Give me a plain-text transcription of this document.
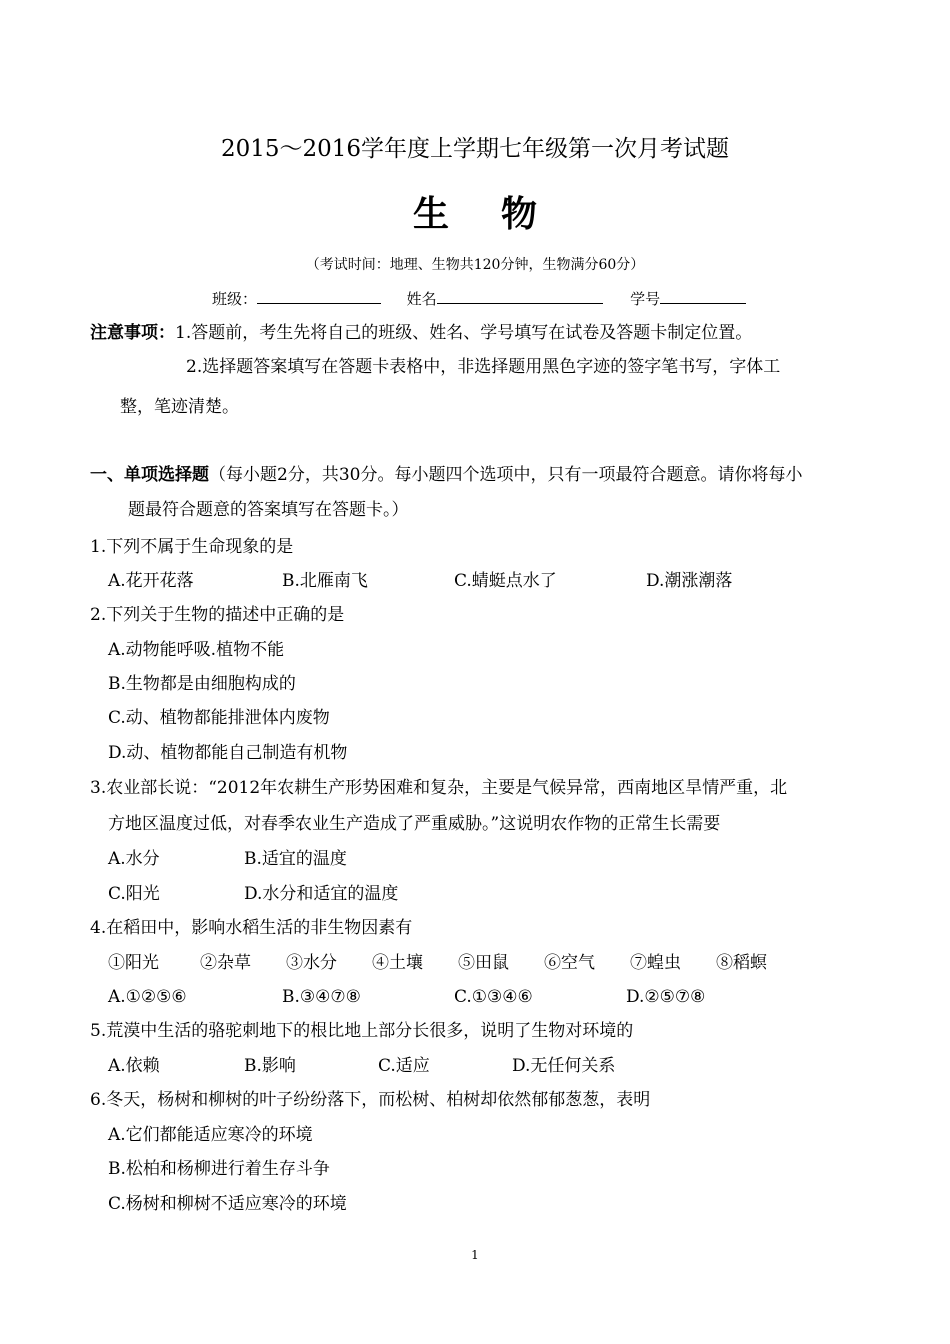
2015～2016学年度上学期七年级第一次月考试题
生 物
（考试时间：地理、生物共120分钟，生物满分60分）
班级：	姓名	学号
注意事项：1.答题前，考生先将自己的班级、姓名、学号填写在试卷及答题卡制定位置。
2.选择题答案填写在答题卡表格中，非选择题用黑色字迹的签字笔书写，字体工
整，笔迹清楚。
一、单项选择题（每小题2分，共30分。每小题四个选项中，只有一项最符合题意。请你将每小
题最符合题意的答案填写在答题卡。）
1.下列不属于生命现象的是
A.花开花落	B.北雁南飞	C.蜻蜓点水了	D.潮涨潮落
2.下列关于生物的描述中正确的是
A.动物能呼吸.植物不能
B.生物都是由细胞构成的
C.动、植物都能排泄体内废物
D.动、植物都能自己制造有机物
3.农业部长说：“2012年农耕生产形势困难和复杂，主要是气候异常，西南地区旱情严重，北
方地区温度过低，对春季农业生产造成了严重威胁。”这说明农作物的正常生长需要
A.水分	B.适宜的温度
C.阳光	D.水分和适宜的温度
4.在稻田中，影响水稻生活的非生物因素有
①阳光 ②杂草 ③水分 ④土壤 ⑤田鼠 ⑥空气 ⑦蝗虫 ⑧稻螟
A.①②⑤⑥	B.③④⑦⑧	C.①③④⑥	D.②⑤⑦⑧
5.荒漠中生活的骆驼刺地下的根比地上部分长很多，说明了生物对环境的
A.依赖	B.影响	C.适应	D.无任何关系
6.冬天，杨树和柳树的叶子纷纷落下，而松树、柏树却依然郁郁葱葱，表明
A.它们都能适应寒冷的环境
B.松柏和杨柳进行着生存斗争
C.杨树和柳树不适应寒冷的环境
1
